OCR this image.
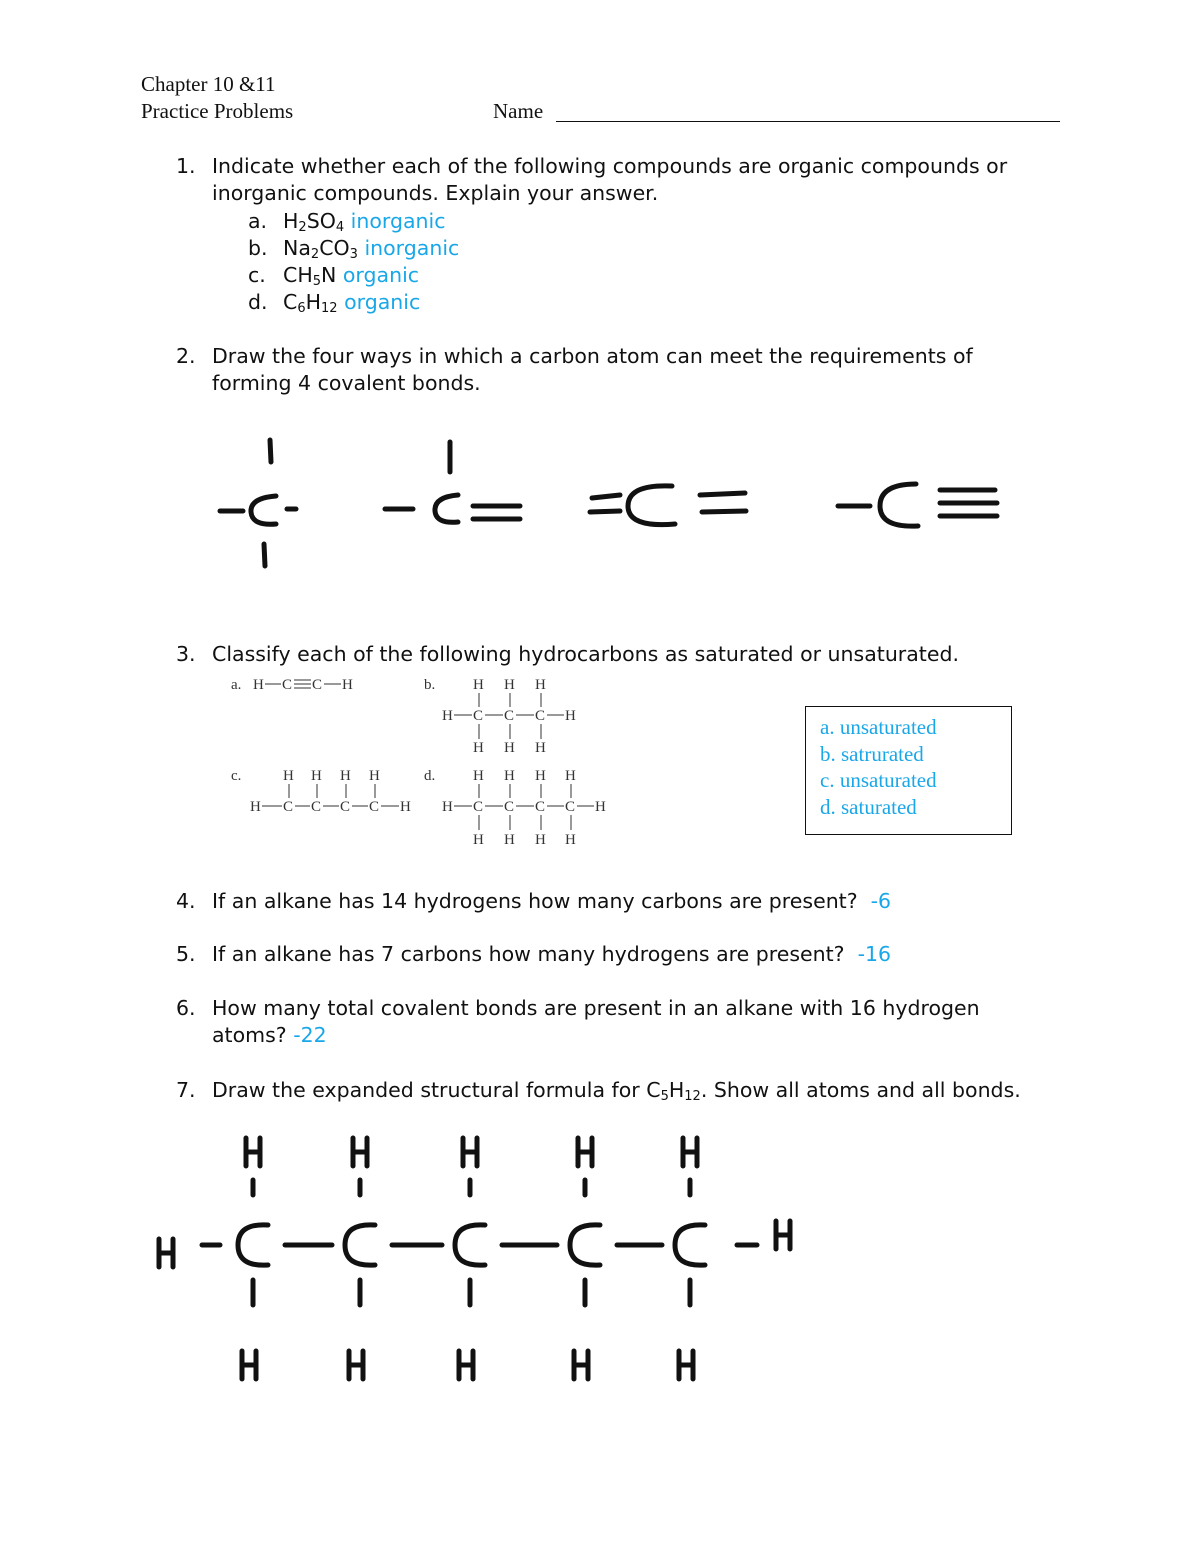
Chapter 10 &11
Practice Problems	Name
1. Indicate whether each of the following compounds are organic compounds or
inorganic compounds. Explain your answer.
a. $H_2SO_4$ inorganic
b. $Na_2CO_3$ inorganic
c. $CH_5N$ organic
d. $C_6H_{12}$ organic
2. Draw the four ways in which a carbon atom can meet the requirements of
forming 4 covalent bonds.
3. Classify each of the following hydrocarbons as saturated or unsaturated.
a. H C C H	b.	H H H
H C C C H
H H H
c.	H H H H
H C C C C H
d.	H H H H
H C C C C H
H H H H
a. unsaturated
b. satrurated
c. unsaturated
d. saturated
4. If an alkane has 14 hydrogens how many carbons are present? -6
5. If an alkane has 7 carbons how many hydrogens are present? -16
6. How many total covalent bonds are present in an alkane with 16 hydrogen
atoms? -22
7. Draw the expanded structural formula for $C_5H_{12}$. Show all atoms and all bonds.
